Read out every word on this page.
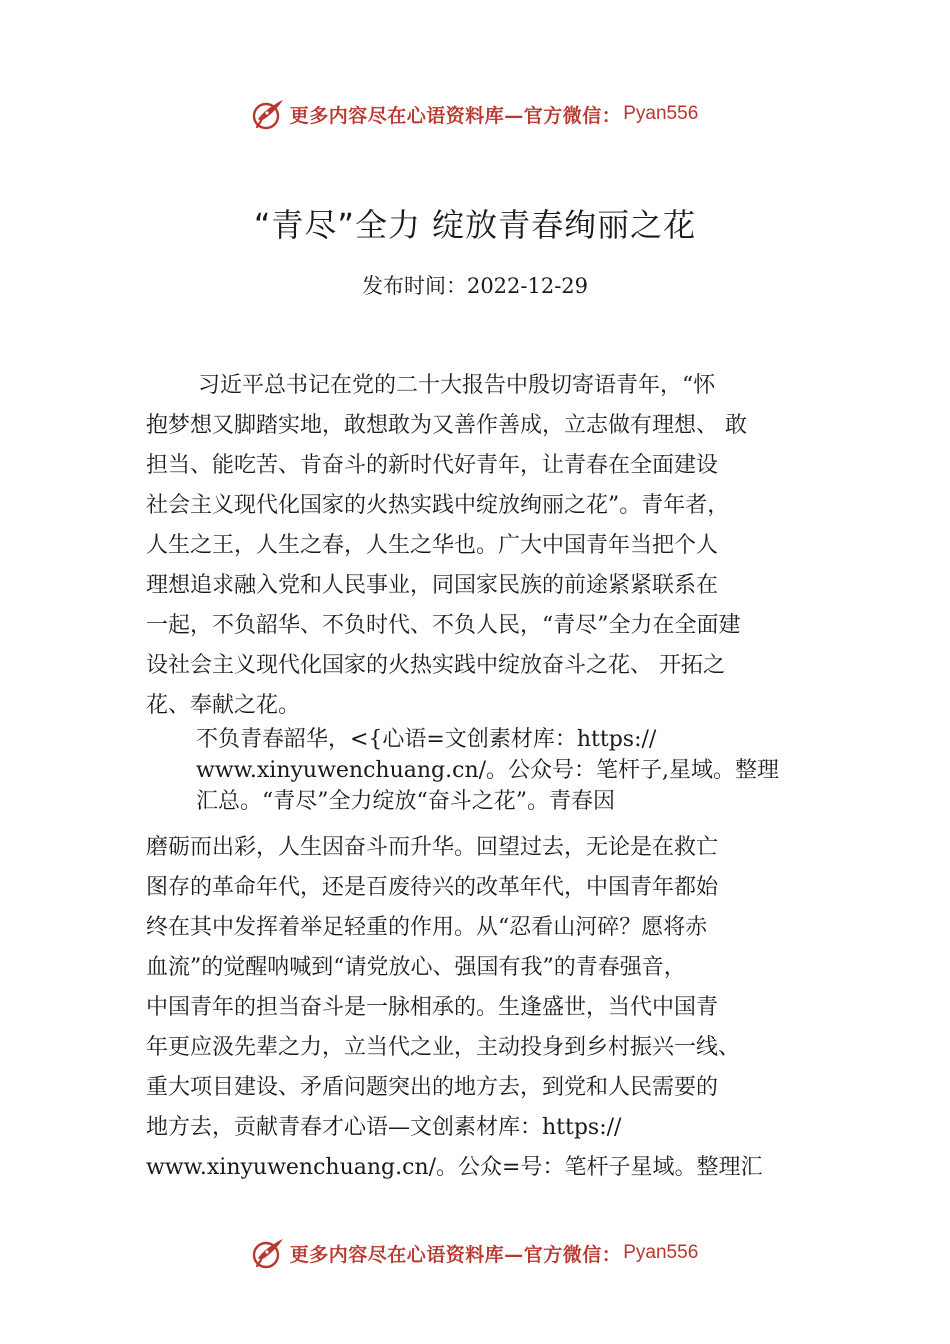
更多内容尽在心语资料库—官方微信： Pyan556
“青尽”全力 绽放青春绚丽之花
发布时间：2022-12-29
习近平总书记在党的二十大报告中殷切寄语青年，“怀
抱梦想又脚踏实地，敢想敢为又善作善成，立志做有理想、 敢
担当、能吃苦、肯奋斗的新时代好青年，让青春在全面建设
社会主义现代化国家的火热实践中绽放绚丽之花”。青年者，
人生之王，人生之春，人生之华也。广大中国青年当把个人
理想追求融入党和人民事业，同国家民族的前途紧紧联系在
一起，不负韶华、不负时代、不负人民，“青尽”全力在全面建
设社会主义现代化国家的火热实践中绽放奋斗之花、 开拓之
花、奉献之花。
不负青春韶华，<{心语=文创素材库：https://
www.xinyuwenchuang.cn/。公众号：笔杆子,星域。整理
汇总。“青尽”全力绽放“奋斗之花”。青春因
磨砺而出彩，人生因奋斗而升华。回望过去，无论是在救亡
图存的革命年代，还是百废待兴的改革年代，中国青年都始
终在其中发挥着举足轻重的作用。从“忍看山河碎？愿将赤
血流”的觉醒呐喊到“请党放心、强国有我”的青春强音，
中国青年的担当奋斗是一脉相承的。生逢盛世，当代中国青
年更应汲先辈之力，立当代之业，主动投身到乡村振兴一线、
重大项目建设、矛盾问题突出的地方去，到党和人民需要的
地方去，贡献青春才心语—文创素材库：https://
www.xinyuwenchuang.cn/。公众=号：笔杆子星域。整理汇
更多内容尽在心语资料库—官方微信： Pyan556
